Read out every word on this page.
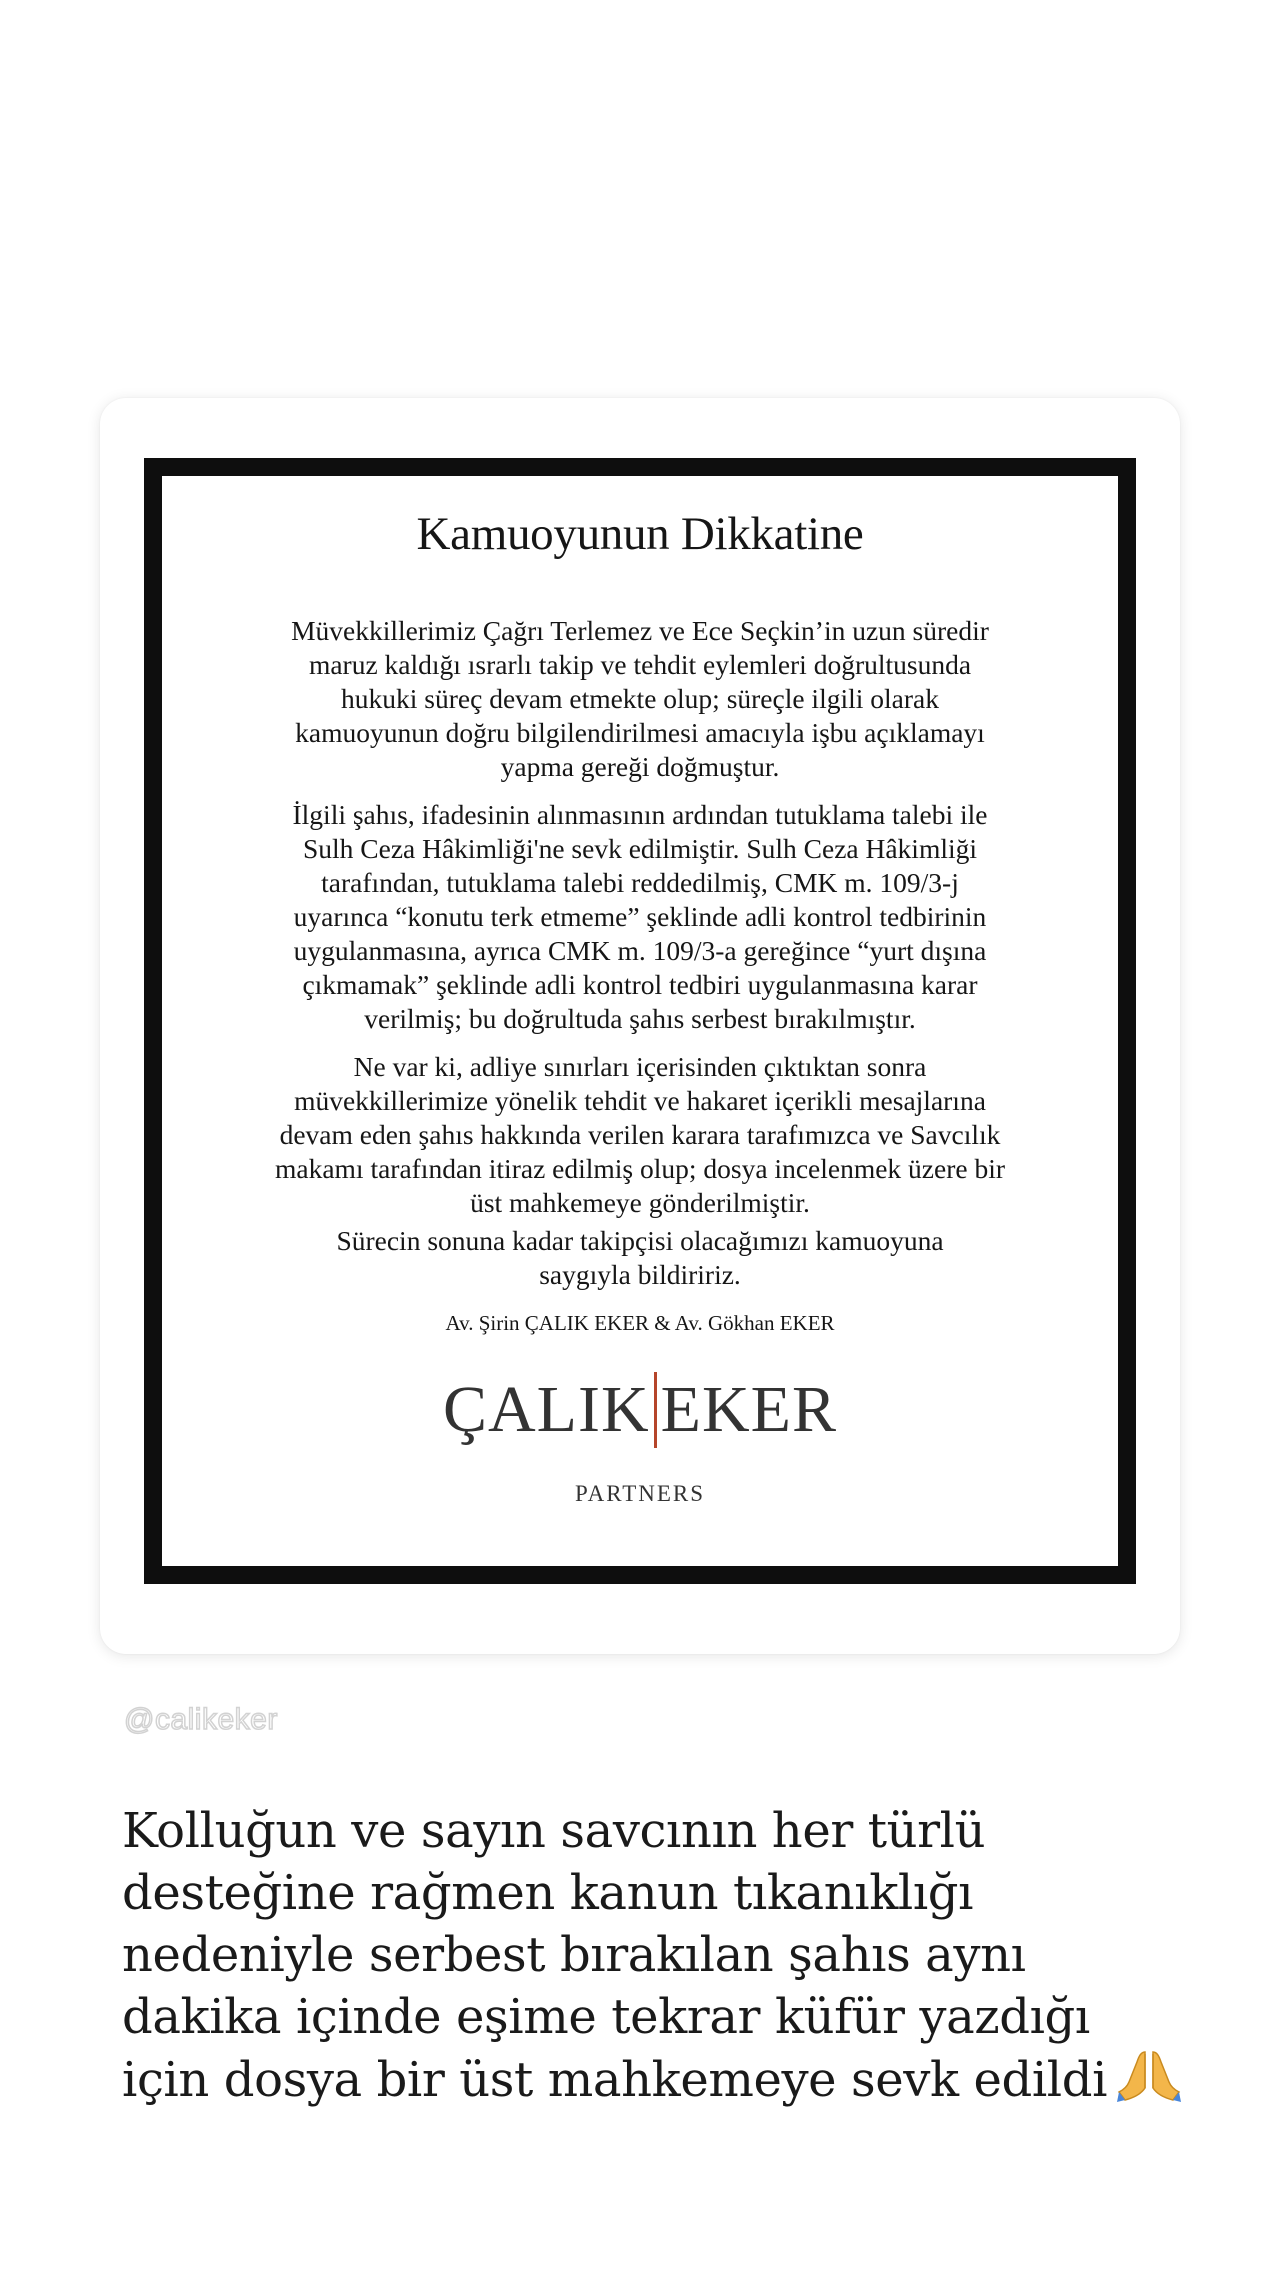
Kamuoyunun Dikkatine

Müvekkillerimiz Çağrı Terlemez ve Ece Seçkin’in uzun süredir
maruz kaldığı ısrarlı takip ve tehdit eylemleri doğrultusunda
hukuki süreç devam etmekte olup; süreçle ilgili olarak
kamuoyunun doğru bilgilendirilmesi amacıyla işbu açıklamayı
yapma gereği doğmuştur.

İlgili şahıs, ifadesinin alınmasının ardından tutuklama talebi ile
Sulh Ceza Hâkimliği'ne sevk edilmiştir. Sulh Ceza Hâkimliği
tarafından, tutuklama talebi reddedilmiş, CMK m. 109/3-j
uyarınca “konutu terk etmeme” şeklinde adli kontrol tedbirinin
uygulanmasına, ayrıca CMK m. 109/3-a gereğince “yurt dışına
çıkmamak” şeklinde adli kontrol tedbiri uygulanmasına karar
verilmiş; bu doğrultuda şahıs serbest bırakılmıştır.

Ne var ki, adliye sınırları içerisinden çıktıktan sonra
müvekkillerimize yönelik tehdit ve hakaret içerikli mesajlarına
devam eden şahıs hakkında verilen karara tarafımızca ve Savcılık
makamı tarafından itiraz edilmiş olup; dosya incelenmek üzere bir
üst mahkemeye gönderilmiştir.

Sürecin sonuna kadar takipçisi olacağımızı kamuoyuna
saygıyla bildiririz.

Av. Şirin ÇALIK EKER & Av. Gökhan EKER
ÇALIK EKER
PARTNERS
@calikeker
Kolluğun ve sayın savcının her türlü
desteğine rağmen kanun tıkanıklığı
nedeniyle serbest bırakılan şahıs aynı
dakika içinde eşime tekrar küfür yazdığı
için dosya bir üst mahkemeye sevk edildi
